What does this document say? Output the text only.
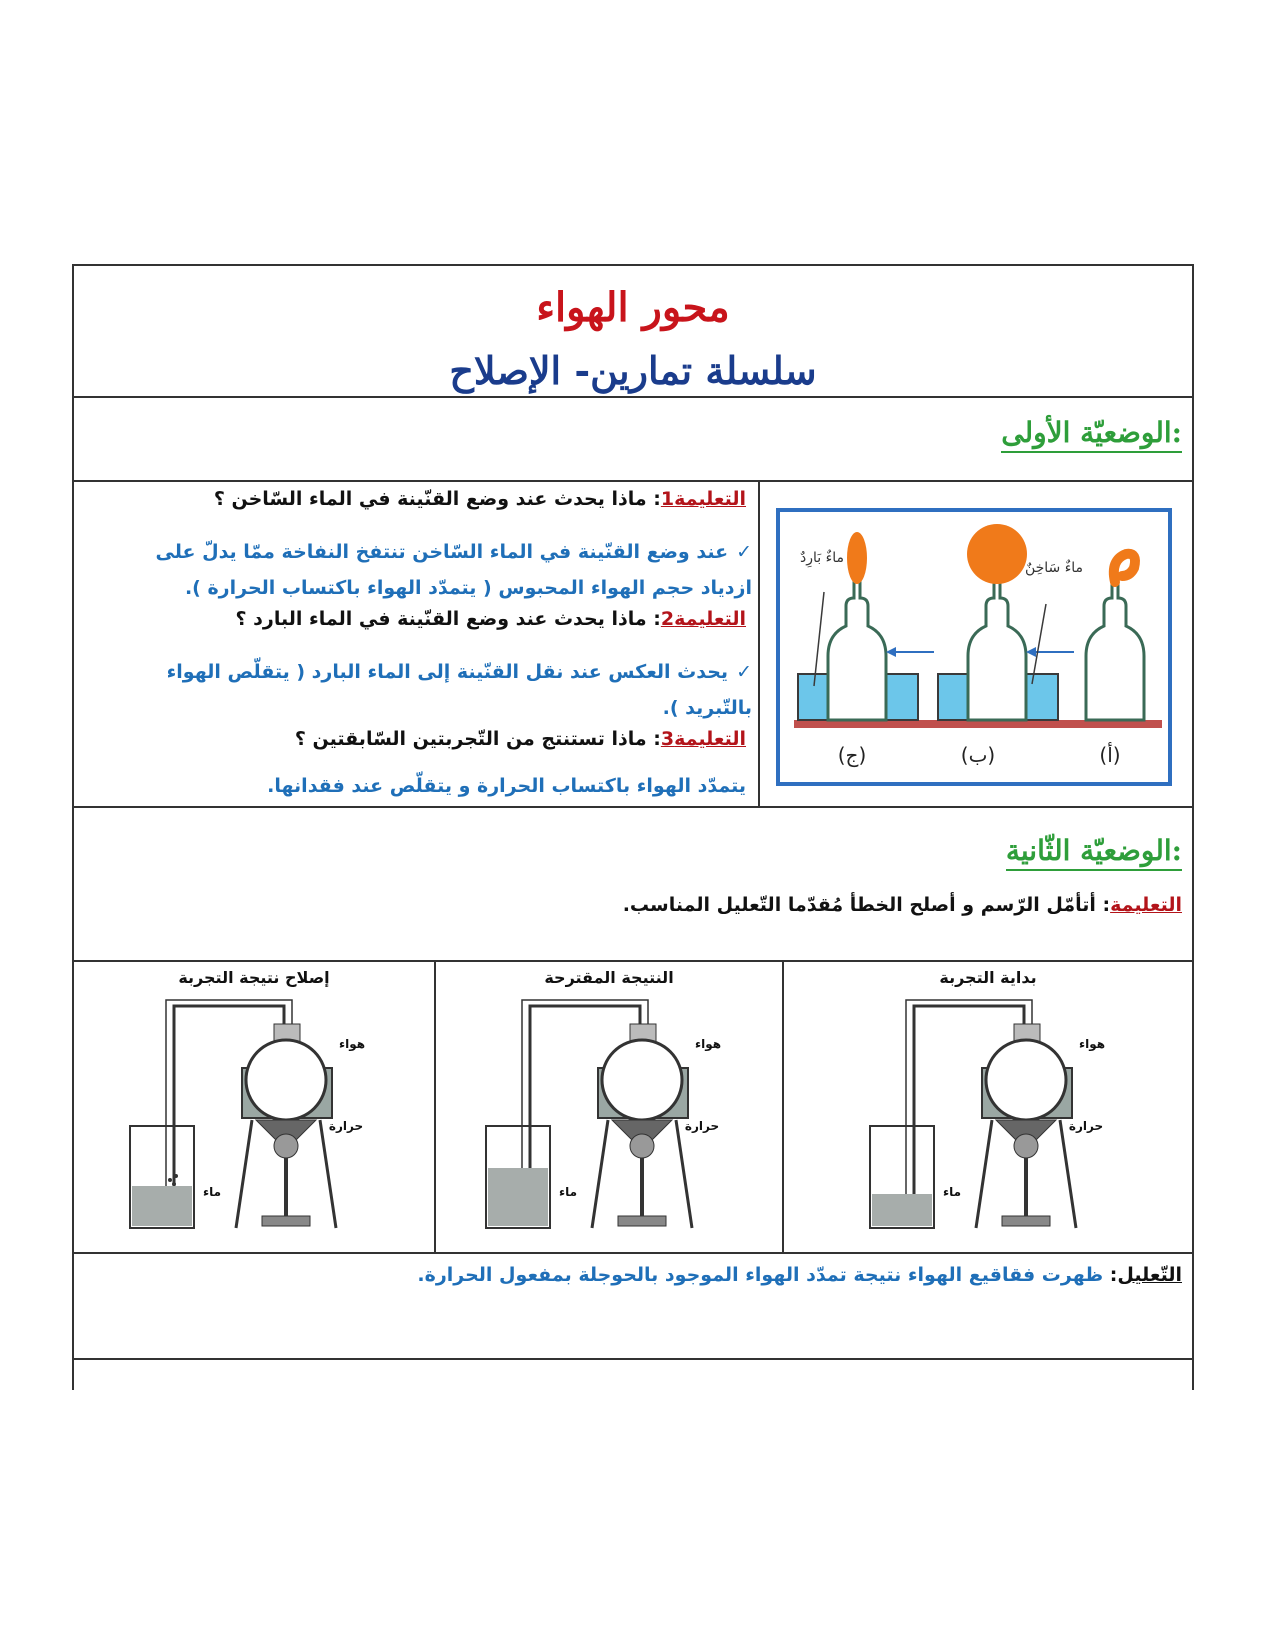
محور الهواء
سلسلة تمارين- الإصلاح
الوضعيّة الأولى:
التعليمة1: ماذا يحدث عند وضع القنّينة في الماء السّاخن ؟
✓عند وضع القنّينة في الماء السّاخن تنتفخ النفاخة ممّا يدلّ على ازدياد حجم الهواء المحبوس ( يتمدّد الهواء باكتساب الحرارة ).
التعليمة2: ماذا يحدث عند وضع القنّينة في الماء البارد ؟
✓يحدث العكس عند نقل القنّينة إلى الماء البارد ( يتقلّص الهواء بالتّبريد ).
التعليمة3: ماذا تستنتج من التّجربتين السّابقتين ؟
يتمدّد الهواء باكتساب الحرارة و يتقلّص عند فقدانها.
ماءٌ بَارِدٌ
ماءٌ سَاخِنٌ
(ج)	(ب)	(أ)
الوضعيّة الثّانية:
التعليمة: أتأمّل الرّسم و أصلح الخطأ مُقدّما التّعليل المناسب.
إصلاح نتيجة التجربة
هواء
حرارة
ماء
النتيجة المقترحة
هواء
حرارة
ماء
بداية التجربة
هواء
حرارة
ماء
التّعليل: ظهرت فقاقيع الهواء نتيجة تمدّد الهواء الموجود بالحوجلة بمفعول الحرارة.
